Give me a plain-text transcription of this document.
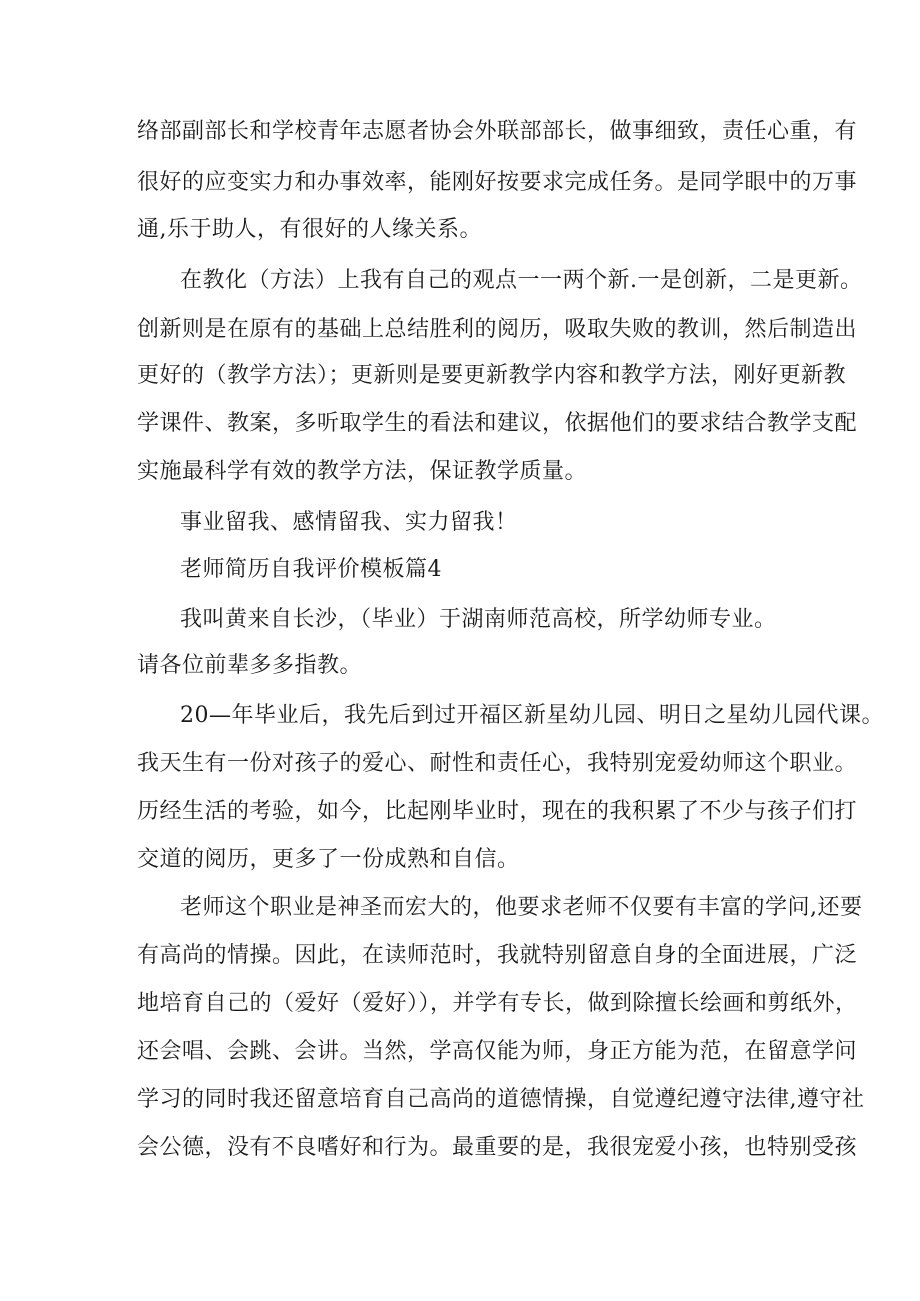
络部副部长和学校青年志愿者协会外联部部长，做事细致，责任心重，有
很好的应变实力和办事效率，能刚好按要求完成任务。是同学眼中的万事
通,乐于助人，有很好的人缘关系。
在教化（方法）上我有自己的观点一一两个新.一是创新，二是更新。
创新则是在原有的基础上总结胜利的阅历，吸取失败的教训，然后制造出
更好的（教学方法）；更新则是要更新教学内容和教学方法，刚好更新教
学课件、教案，多听取学生的看法和建议，依据他们的要求结合教学支配
实施最科学有效的教学方法，保证教学质量。
事业留我、感情留我、实力留我！
老师简历自我评价模板篇4
我叫黄来自长沙，（毕业）于湖南师范高校，所学幼师专业。
请各位前辈多多指教。
20—年毕业后，我先后到过开福区新星幼儿园、明日之星幼儿园代课。
我天生有一份对孩子的爱心、耐性和责任心，我特别宠爱幼师这个职业。
历经生活的考验，如今，比起刚毕业时，现在的我积累了不少与孩子们打
交道的阅历，更多了一份成熟和自信。
老师这个职业是神圣而宏大的，他要求老师不仅要有丰富的学问,还要
有高尚的情操。因此，在读师范时，我就特别留意自身的全面进展，广泛
地培育自己的（爱好（爱好）），并学有专长，做到除擅长绘画和剪纸外，
还会唱、会跳、会讲。当然，学高仅能为师，身正方能为范，在留意学问
学习的同时我还留意培育自己高尚的道德情操，自觉遵纪遵守法律,遵守社
会公德，没有不良嗜好和行为。最重要的是，我很宠爱小孩，也特别受孩
